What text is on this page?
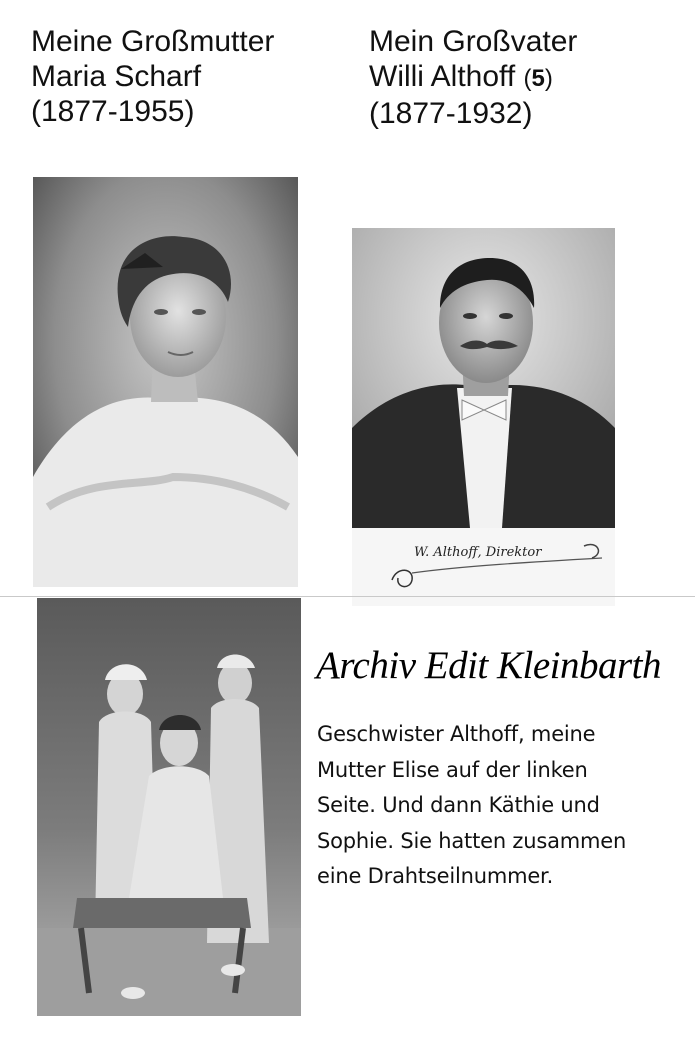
Meine Großmutter
Maria Scharf
(1877-1955)
Mein Großvater
Willi Althoff (5)
(1877-1932)
W. Althoff, Direktor
Archiv Edit Kleinbarth
Geschwister Althoff, meine
Mutter Elise auf der linken
Seite. Und dann Käthie und
Sophie. Sie hatten zusammen
eine Drahtseilnummer.
